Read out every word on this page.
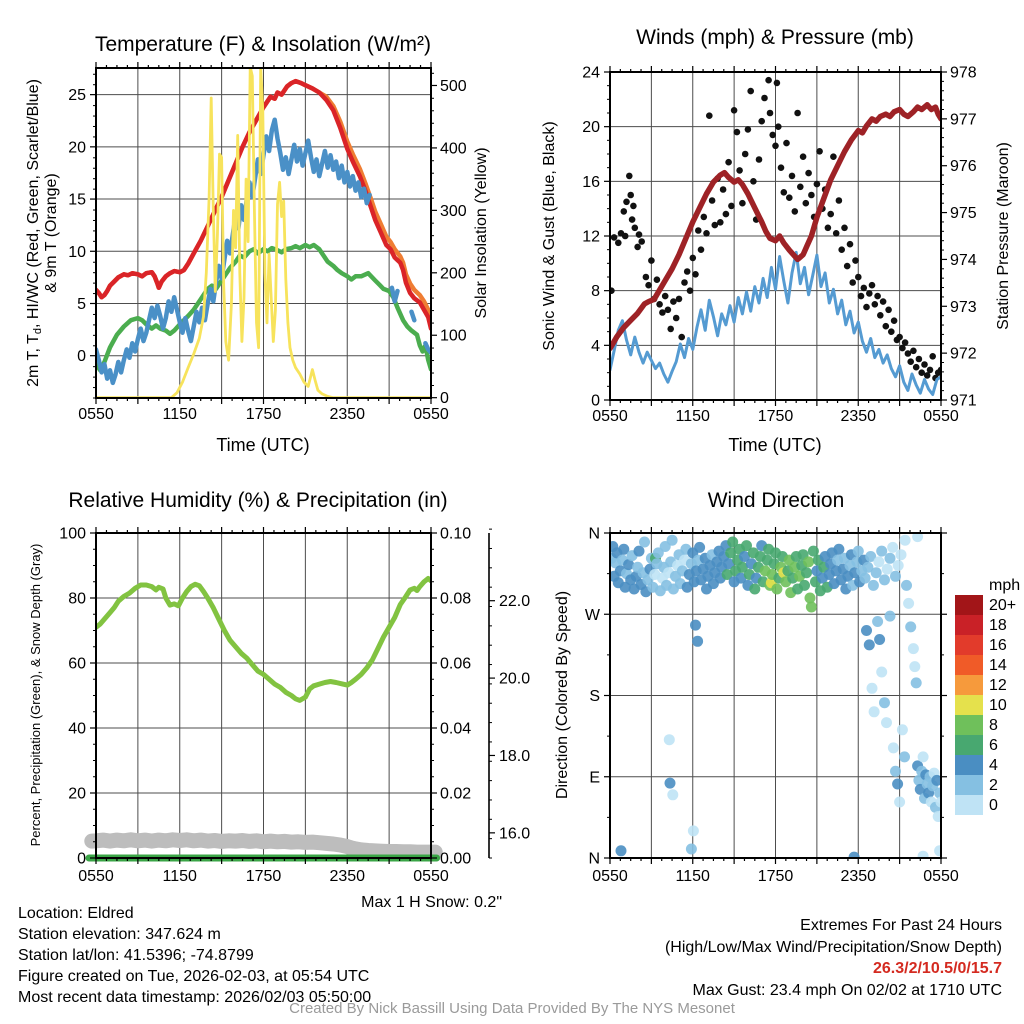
Temperature (F) & Insolation (W/m²)
2m T, Td, HI/WC (Red, Green, Scarlet/Blue) & 9m T (Orange)	Solar Insolation (Yellow)
Time (UTC)
0550	1150	1750	2350	0550
0
5
10
15
20
25
0
100
200
300
400
500
Winds (mph) & Pressure (mb)
Sonic Wind & Gust (Blue, Black)	Station Pressure (Maroon)
Time (UTC)
0550	1150	1750	2350	0550
0
4
8
12
16
20
24
971
972
973
974
975
976
977
978
Relative Humidity (%) & Precipitation (in)
Percent, Precipitation (Green), & Snow Depth (Gray)
0550	1150	1750	2350	0550
0
20
40
60
80
100
0.00
0.02
0.04
0.06
0.08
0.10
16.0
18.0
20.0
22.0
Wind Direction
Direction (Colored By Speed)
0550	1150	1750	2350	0550
N
W
S
E
N
mph
20+
18
16
14
12
10
8
6
4
2
0
Location: Eldred
Station elevation: 347.624 m
Station lat/lon: 41.5396; -74.8799
Figure created on Tue, 2026-02-03, at 05:54 UTC
Most recent data timestamp: 2026/02/03 05:50:00
Max 1 H Snow: 0.2"
Extremes For Past 24 Hours
(High/Low/Max Wind/Precipitation/Snow Depth)
26.3/2/10.5/0/15.7
Max Gust: 23.4 mph On 02/02 at 1710 UTC
Created By Nick Bassill Using Data Provided By The NYS Mesonet
